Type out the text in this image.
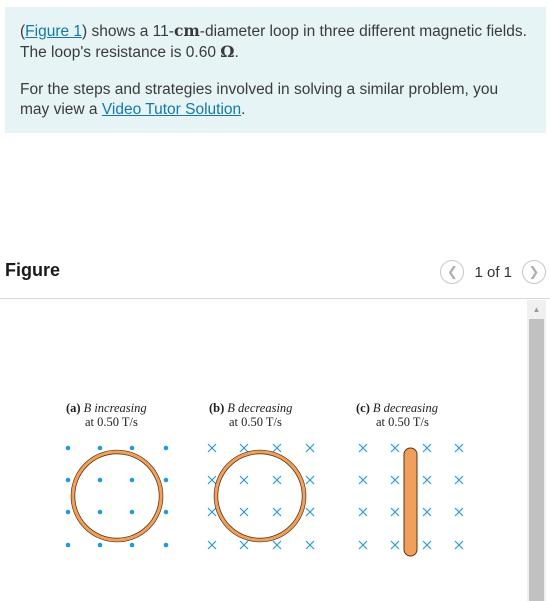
(Figure 1) shows a 11-cm-diameter loop in three different magnetic fields. The loop's resistance is 0.60 Ω.

For the steps and strategies involved in solving a similar problem, you may view a Video Tutor Solution.

Figure	❮	1 of 1	❯
(a) B increasing
at 0.50 T/s
(b) B decreasing
at 0.50 T/s
(c) B decreasing
at 0.50 T/s
▲
